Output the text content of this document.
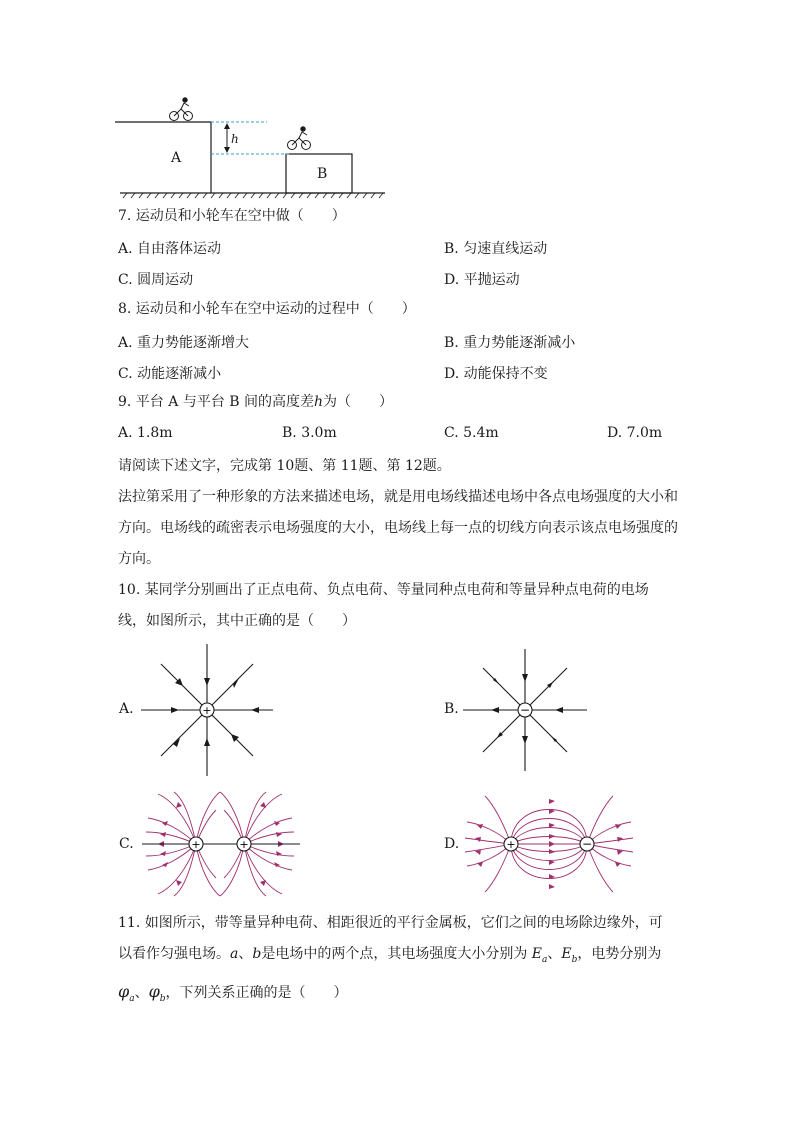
A
B
h
7. 运动员和小轮车在空中做（　　）
A. 自由落体运动	B. 匀速直线运动
C. 圆周运动	D. 平抛运动
8. 运动员和小轮车在空中运动的过程中（　　）
A. 重力势能逐渐增大	B. 重力势能逐渐减小
C. 动能逐渐减小	D. 动能保持不变
9. 平台 A 与平台 B 间的高度差h为（　　）
A. 1.8m	B. 3.0m	C. 5.4m	D. 7.0m
请阅读下述文字，完成第 10题、第 11题、第 12题。
法拉第采用了一种形象的方法来描述电场，就是用电场线描述电场中各点电场强度的大小和方向。电场线的疏密表示电场强度的大小，电场线上每一点的切线方向表示该点电场强度的方向。
10. 某同学分别画出了正点电荷、负点电荷、等量同种点电荷和等量异种点电荷的电场
线，如图所示，其中正确的是（　　）
A.	+	B.	−
C.	+	+	D.	+	−
11. 如图所示，带等量异种电荷、相距很近的平行金属板，它们之间的电场除边缘外，可
以看作匀强电场。a、b是电场中的两个点，其电场强度大小分别为 $E_a$、$E_b$，电势分别为
$\varphi_a$、$\varphi_b$，下列关系正确的是（　　）
